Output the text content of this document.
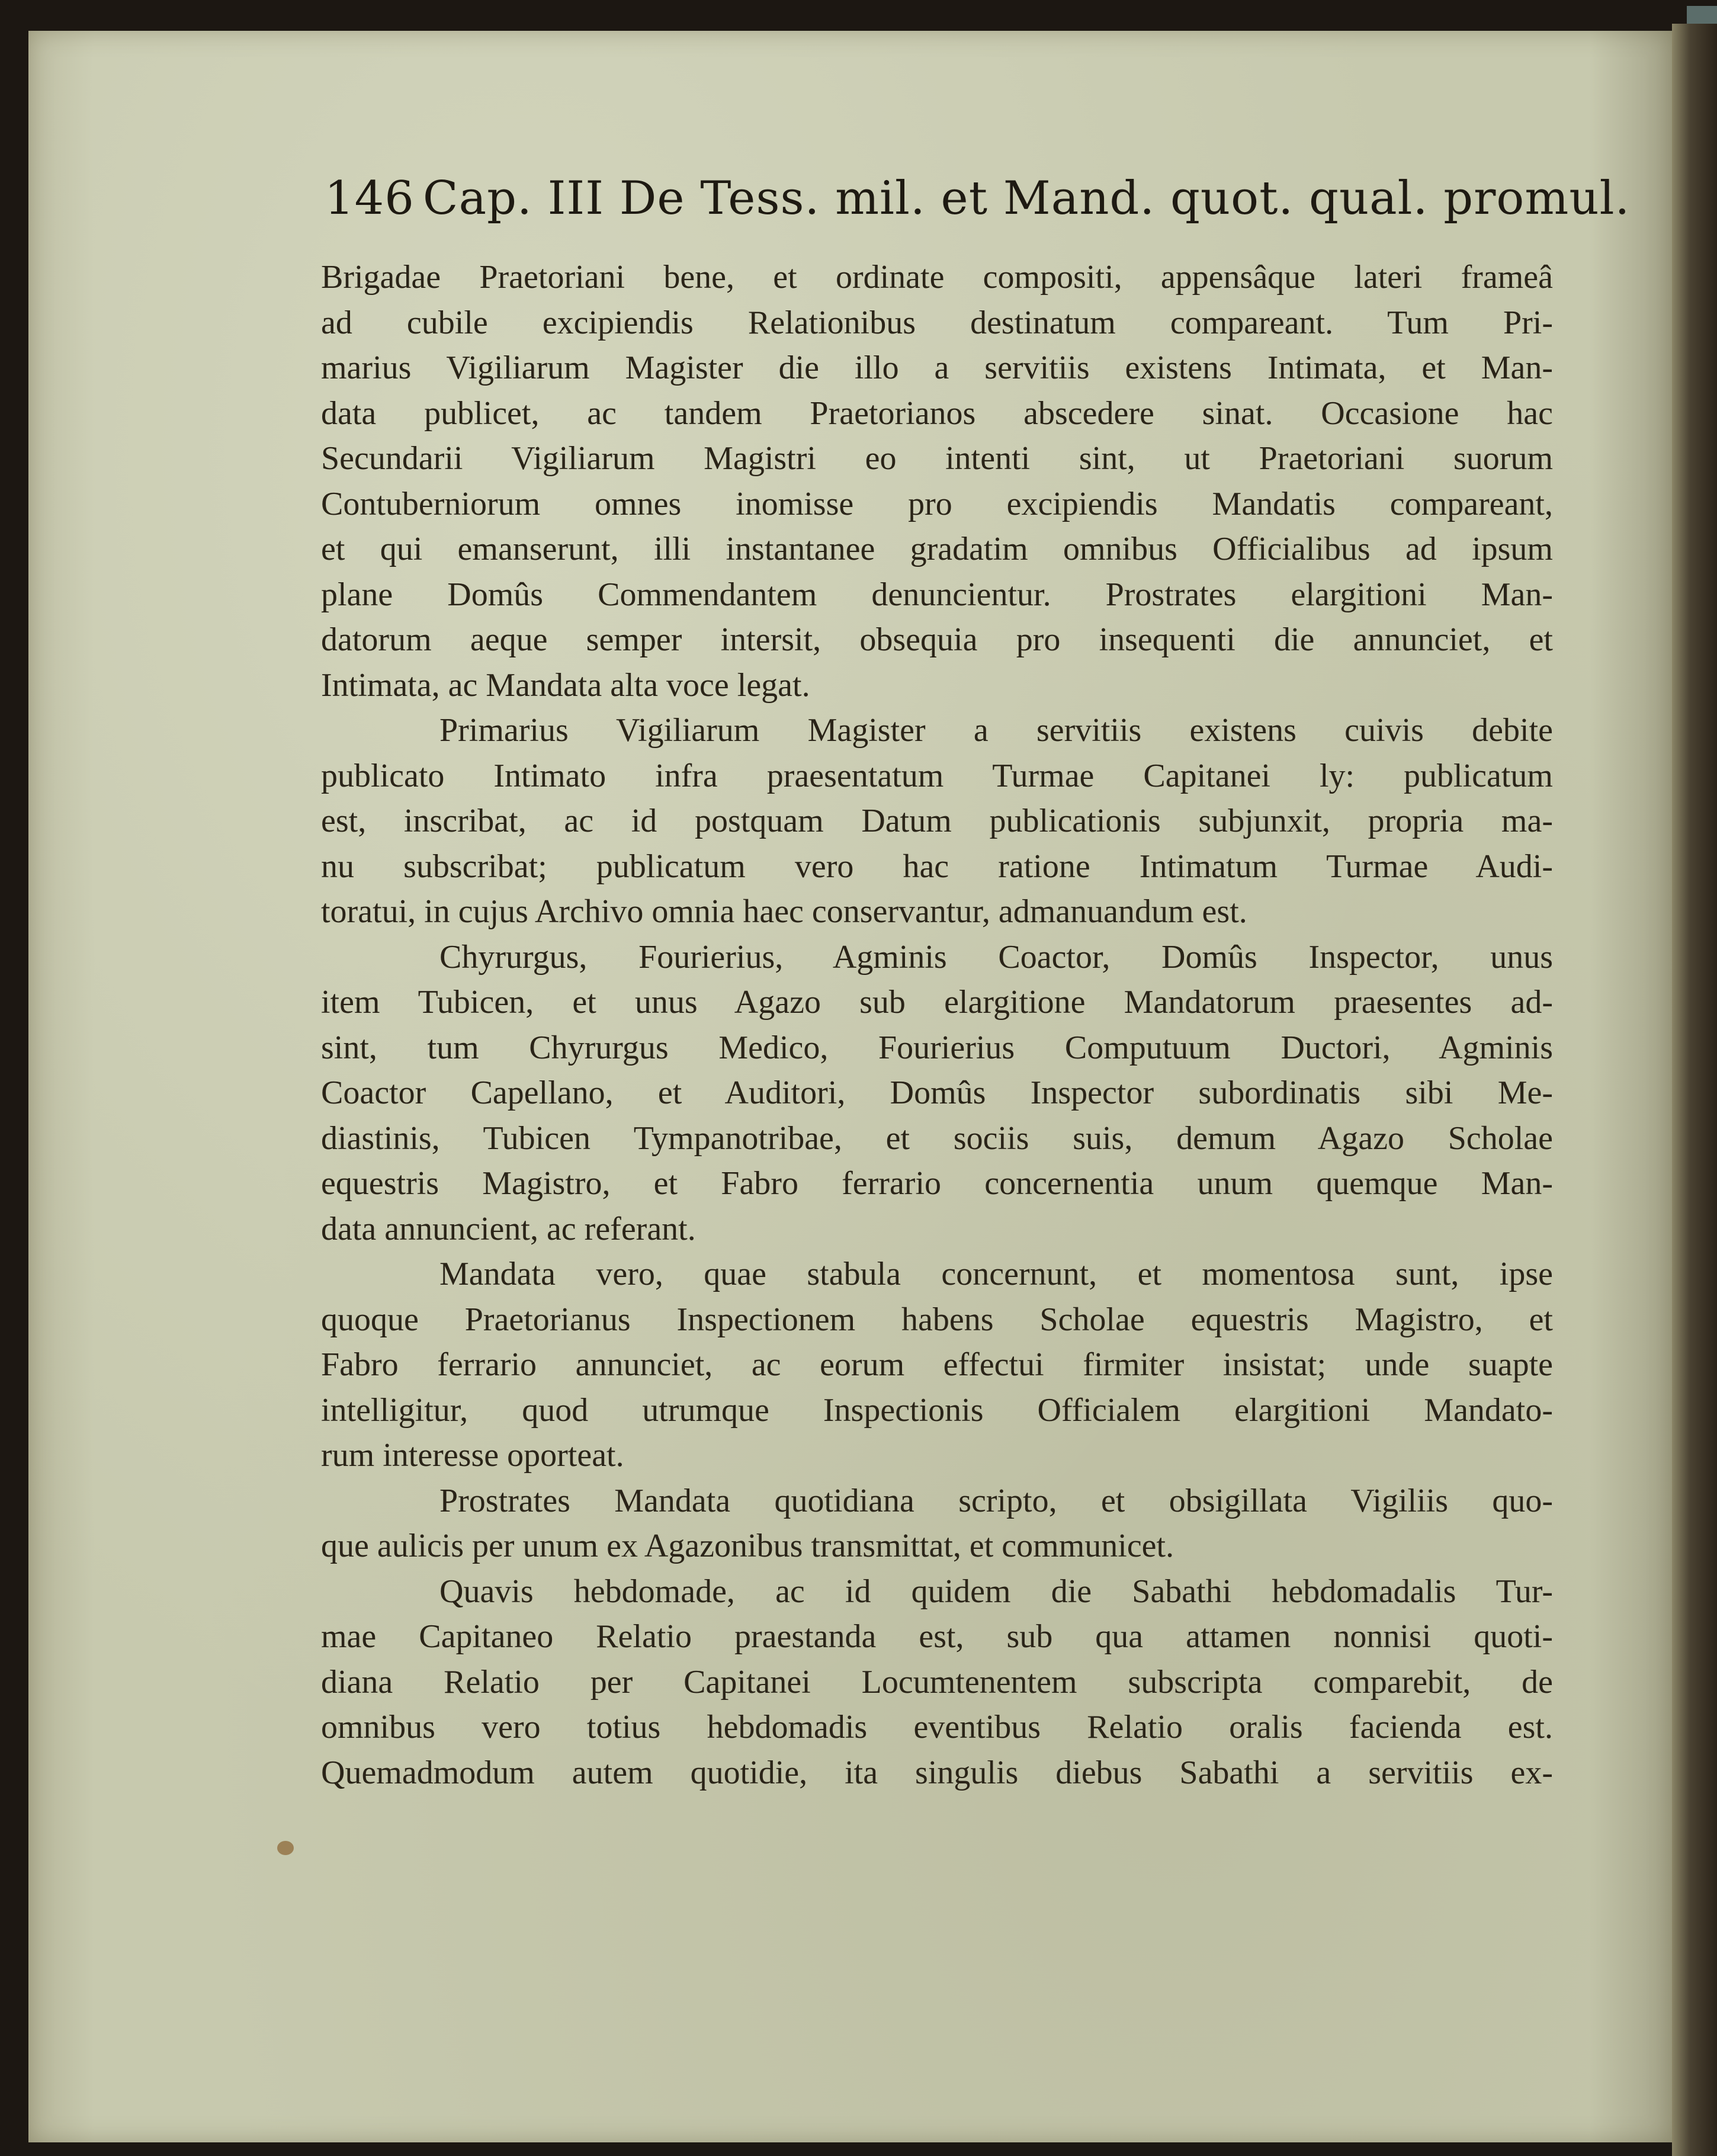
146 Cap. III De Tess. mil. et Mand. quot. qual. promul.
Brigadae Praetoriani bene, et ordinate compositi, appensâque lateri frameâ
ad cubile excipiendis Relationibus destinatum compareant. Tum Pri-
marius Vigiliarum Magister die illo a servitiis existens Intimata, et Man-
data publicet, ac tandem Praetorianos abscedere sinat. Occasione hac
Secundarii Vigiliarum Magistri eo intenti sint, ut Praetoriani suorum
Contuberniorum omnes inomisse pro excipiendis Mandatis compareant,
et qui emanserunt, illi instantanee gradatim omnibus Officialibus ad ipsum
plane Domûs Commendantem denuncientur. Prostrates elargitioni Man-
datorum aeque semper intersit, obsequia pro insequenti die annunciet, et
Intimata, ac Mandata alta voce legat.
Primarius Vigiliarum Magister a servitiis existens cuivis debite
publicato Intimato infra praesentatum Turmae Capitanei ly: publicatum
est, inscribat, ac id postquam Datum publicationis subjunxit, propria ma-
nu subscribat; publicatum vero hac ratione Intimatum Turmae Audi-
toratui, in cujus Archivo omnia haec conservantur, admanuandum est.
Chyrurgus, Fourierius, Agminis Coactor, Domûs Inspector, unus
item Tubicen, et unus Agazo sub elargitione Mandatorum praesentes ad-
sint, tum Chyrurgus Medico, Fourierius Computuum Ductori, Agminis
Coactor Capellano, et Auditori, Domûs Inspector subordinatis sibi Me-
diastinis, Tubicen Tympanotribae, et sociis suis, demum Agazo Scholae
equestris Magistro, et Fabro ferrario concernentia unum quemque Man-
data annuncient, ac referant.
Mandata vero, quae stabula concernunt, et momentosa sunt, ipse
quoque Praetorianus Inspectionem habens Scholae equestris Magistro, et
Fabro ferrario annunciet, ac eorum effectui firmiter insistat; unde suapte
intelligitur, quod utrumque Inspectionis Officialem elargitioni Mandato-
rum interesse oporteat.
Prostrates Mandata quotidiana scripto, et obsigillata Vigiliis quo-
que aulicis per unum ex Agazonibus transmittat, et communicet.
Quavis hebdomade, ac id quidem die Sabathi hebdomadalis Tur-
mae Capitaneo Relatio praestanda est, sub qua attamen nonnisi quoti-
diana Relatio per Capitanei Locumtenentem subscripta comparebit, de
omnibus vero totius hebdomadis eventibus Relatio oralis facienda est.
Quemadmodum autem quotidie, ita singulis diebus Sabathi a servitiis ex-
